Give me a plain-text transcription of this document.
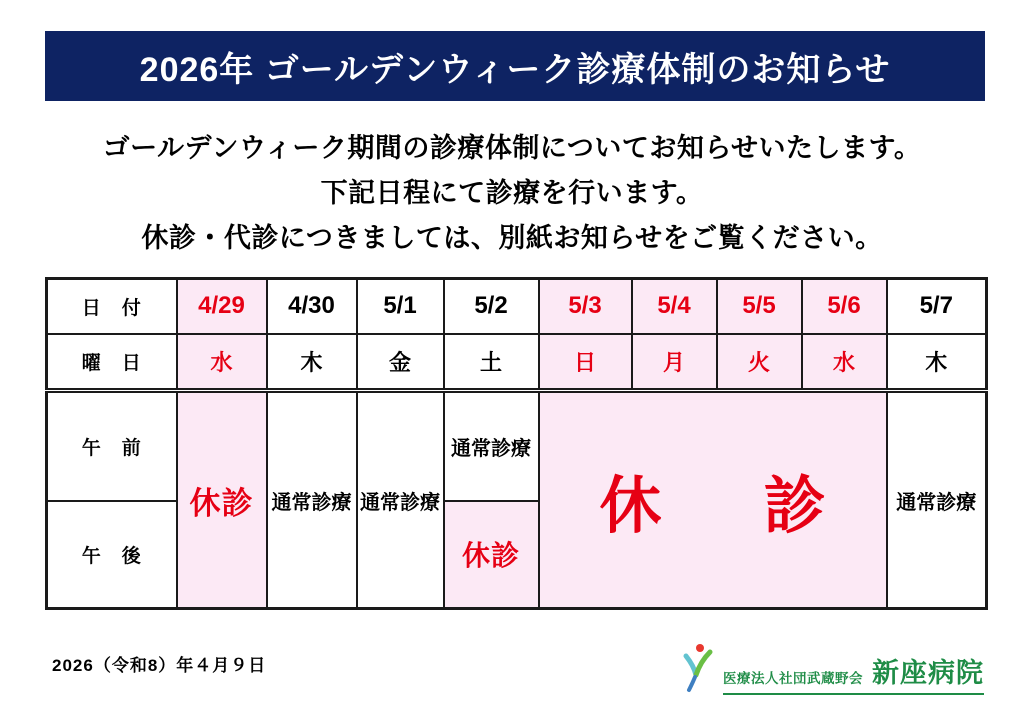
2026年 ゴールデンウィーク診療体制のお知らせ
ゴールデンウィーク期間の診療体制についてお知らせいたします。
下記日程にて診療を行います。
休診・代診につきましては、別紙お知らせをご覧ください。
日　付	4/29	4/30	5/1	5/2	5/3	5/4	5/5	5/6	5/7
曜　日	水	木	金	土	日	月	火	水	木
午　前	休診	通常診療	通常診療	通常診療	休　診				通常診療
午　後				休診					
2026（令和8）年４月９日
医療法人社団武蔵野会 新座病院
